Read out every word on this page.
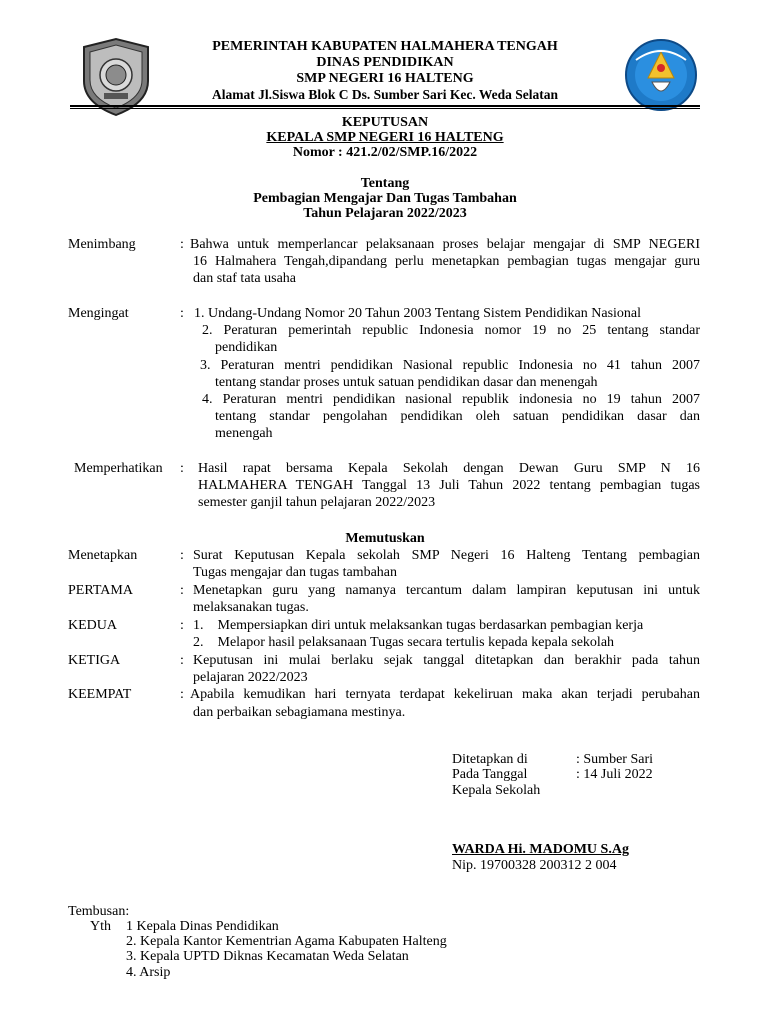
PEMERINTAH KABUPATEN HALMAHERA TENGAH
DINAS PENDIDIKAN
SMP NEGERI 16 HALTENG
Alamat Jl.Siswa Blok C Ds. Sumber Sari Kec. Weda Selatan
KEPUTUSAN
KEPALA SMP NEGERI 16 HALTENG
Nomor : 421.2/02/SMP.16/2022
Tentang
Pembagian Mengajar Dan Tugas Tambahan
Tahun Pelajaran 2022/2023
Menimbang	: Bahwa untuk memperlancar pelaksanaan proses belajar mengajar di SMP NEGERI
16 Halmahera Tengah,dipandang perlu menetapkan pembagian tugas mengajar guru
dan staf tata usaha
Mengingat	: 1. Undang-Undang Nomor 20 Tahun 2003 Tentang Sistem Pendidikan Nasional
2. Peraturan pemerintah republic Indonesia nomor 19 no 25 tentang standar
pendidikan
3. Peraturan mentri pendidikan Nasional republic Indonesia no 41 tahun 2007
tentang standar proses untuk satuan pendidikan dasar dan menengah
4. Peraturan mentri pendidikan nasional republik indonesia no 19 tahun 2007
tentang standar pengolahan pendidikan oleh satuan pendidikan dasar dan
menengah
Memperhatikan : Hasil rapat bersama Kepala Sekolah dengan Dewan Guru SMP N 16
HALMAHERA TENGAH Tanggal 13 Juli Tahun 2022 tentang pembagian tugas
semester ganjil tahun pelajaran 2022/2023
Memutuskan
Menetapkan	: Surat Keputusan Kepala sekolah SMP Negeri 16 Halteng Tentang pembagian
Tugas mengajar dan tugas tambahan
PERTAMA	: Menetapkan guru yang namanya tercantum dalam lampiran keputusan ini untuk
melaksanakan tugas.
KEDUA	: 1.    Mempersiapkan diri untuk melaksankan tugas berdasarkan pembagian kerja
2.    Melapor hasil pelaksanaan Tugas secara tertulis kepada kepala sekolah
KETIGA	: Keputusan ini mulai berlaku sejak tanggal ditetapkan dan berakhir pada tahun
pelajaran 2022/2023
KEEMPAT	: Apabila kemudikan hari ternyata terdapat kekeliruan maka akan terjadi perubahan
dan perbaikan sebagiamana mestinya.
Ditetapkan di	: Sumber Sari
Pada Tanggal	: 14 Juli 2022
Kepala Sekolah
WARDA Hi. MADOMU S.Ag
Nip. 19700328 200312 2 004
Tembusan:
Yth 1 Kepala Dinas Pendidikan
2. Kepala Kantor Kementrian Agama Kabupaten Halteng
3. Kepala UPTD Diknas Kecamatan Weda Selatan
4. Arsip
